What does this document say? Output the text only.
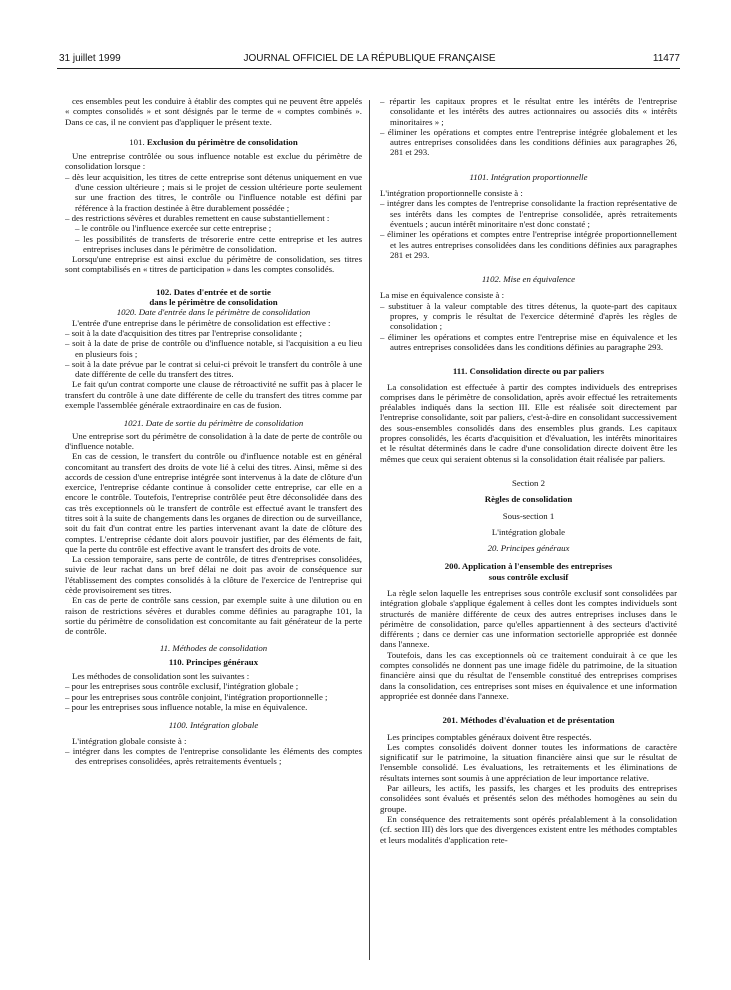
31 juillet 1999	JOURNAL OFFICIEL DE LA RÉPUBLIQUE FRANÇAISE	11477

ces ensembles peut les conduire à établir des comptes qui ne peuvent être appelés « comptes consolidés » et sont désignés par le terme de « comptes combinés ». Dans ce cas, il ne convient pas d'appliquer le présent texte.

101. Exclusion du périmètre de consolidation

Une entreprise contrôlée ou sous influence notable est exclue du périmètre de consolidation lorsque :

– dès leur acquisition, les titres de cette entreprise sont détenus uniquement en vue d'une cession ultérieure ; mais si le projet de cession ultérieure porte seulement sur une fraction des titres, le contrôle ou l'influence notable est défini par référence à la fraction destinée à être durablement possédée ;

– des restrictions sévères et durables remettent en cause substantiellement :

– le contrôle ou l'influence exercée sur cette entreprise ;

– les possibilités de transferts de trésorerie entre cette entreprise et les autres entreprises incluses dans le périmètre de consolidation.

Lorsqu'une entreprise est ainsi exclue du périmètre de consolidation, ses titres sont comptabilisés en « titres de participation » dans les comptes consolidés.

102. Dates d'entrée et de sortie

dans le périmètre de consolidation

1020. Date d'entrée dans le périmètre de consolidation

L'entrée d'une entreprise dans le périmètre de consolidation est effective :

– soit à la date d'acquisition des titres par l'entreprise consolidante ;

– soit à la date de prise de contrôle ou d'influence notable, si l'acquisition a eu lieu en plusieurs fois ;

– soit à la date prévue par le contrat si celui-ci prévoit le transfert du contrôle à une date différente de celle du transfert des titres.

Le fait qu'un contrat comporte une clause de rétroactivité ne suffit pas à placer le transfert du contrôle à une date différente de celle du transfert des titres comme par exemple l'assemblée générale extraordinaire en cas de fusion.

1021. Date de sortie du périmètre de consolidation

Une entreprise sort du périmètre de consolidation à la date de perte de contrôle ou d'influence notable.

En cas de cession, le transfert du contrôle ou d'influence notable est en général concomitant au transfert des droits de vote lié à celui des titres. Ainsi, même si des accords de cession d'une entreprise intégrée sont intervenus à la date de clôture d'un exercice, l'entreprise cédante continue à consolider cette entreprise, car elle en a encore le contrôle. Toutefois, l'entreprise contrôlée peut être déconsolidée dans des cas très exceptionnels où le transfert de contrôle est effectué avant le transfert des titres soit à la suite de changements dans les organes de direction ou de surveillance, soit du fait d'un contrat entre les parties intervenant avant la date de clôture des comptes. L'entreprise cédante doit alors pouvoir justifier, par des éléments de fait, que la perte du contrôle est effective avant le transfert des droits de vote.

La cession temporaire, sans perte de contrôle, de titres d'entreprises consolidées, suivie de leur rachat dans un bref délai ne doit pas avoir de conséquence sur l'établissement des comptes consolidés à la clôture de l'exercice de l'entreprise qui cède provisoirement ses titres.

En cas de perte de contrôle sans cession, par exemple suite à une dilution ou en raison de restrictions sévères et durables comme définies au paragraphe 101, la sortie du périmètre de consolidation est concomitante au fait générateur de la perte de contrôle.

11. Méthodes de consolidation

110. Principes généraux

Les méthodes de consolidation sont les suivantes :

– pour les entreprises sous contrôle exclusif, l'intégration globale ;

– pour les entreprises sous contrôle conjoint, l'intégration proportionnelle ;

– pour les entreprises sous influence notable, la mise en équivalence.

1100. Intégration globale

L'intégration globale consiste à :

– intégrer dans les comptes de l'entreprise consolidante les éléments des comptes des entreprises consolidées, après retraitements éventuels ;

– répartir les capitaux propres et le résultat entre les intérêts de l'entreprise consolidante et les intérêts des autres actionnaires ou associés dits « intérêts minoritaires » ;

– éliminer les opérations et comptes entre l'entreprise intégrée globalement et les autres entreprises consolidées dans les conditions définies aux paragraphes 26, 281 et 293.

1101. Intégration proportionnelle

L'intégration proportionnelle consiste à :

– intégrer dans les comptes de l'entreprise consolidante la fraction représentative de ses intérêts dans les comptes de l'entreprise consolidée, après retraitements éventuels ; aucun intérêt minoritaire n'est donc constaté ;

– éliminer les opérations et comptes entre l'entreprise intégrée proportionnellement et les autres entreprises consolidées dans les conditions définies aux paragraphes 281 et 293.

1102. Mise en équivalence

La mise en équivalence consiste à :

– substituer à la valeur comptable des titres détenus, la quote-part des capitaux propres, y compris le résultat de l'exercice déterminé d'après les règles de consolidation ;

– éliminer les opérations et comptes entre l'entreprise mise en équivalence et les autres entreprises consolidées dans les conditions définies au paragraphe 293.

111. Consolidation directe ou par paliers

La consolidation est effectuée à partir des comptes individuels des entreprises comprises dans le périmètre de consolidation, après avoir effectué les retraitements préalables indiqués dans la section III. Elle est réalisée soit directement par l'entreprise consolidante, soit par paliers, c'est-à-dire en consolidant successivement des sous-ensembles consolidés dans des ensembles plus grands. Les capitaux propres consolidés, les écarts d'acquisition et d'évaluation, les intérêts minoritaires et le résultat déterminés dans le cadre d'une consolidation directe doivent être les mêmes que ceux qui seraient obtenus si la consolidation était réalisée par paliers.

Section 2

Règles de consolidation

Sous-section 1

L'intégration globale

20. Principes généraux

200. Application à l'ensemble des entreprises

sous contrôle exclusif

La règle selon laquelle les entreprises sous contrôle exclusif sont consolidées par intégration globale s'applique également à celles dont les comptes individuels sont structurés de manière différente de ceux des autres entreprises incluses dans le périmètre de consolidation, parce qu'elles appartiennent à des secteurs d'activité différents ; dans ce dernier cas une information sectorielle appropriée est donnée dans l'annexe.

Toutefois, dans les cas exceptionnels où ce traitement conduirait à ce que les comptes consolidés ne donnent pas une image fidèle du patrimoine, de la situation financière ainsi que du résultat de l'ensemble constitué des entreprises comprises dans la consolidation, ces entreprises sont mises en équivalence et une information appropriée est donnée dans l'annexe.

201. Méthodes d'évaluation et de présentation

Les principes comptables généraux doivent être respectés.

Les comptes consolidés doivent donner toutes les informations de caractère significatif sur le patrimoine, la situation financière ainsi que sur le résultat de l'ensemble consolidé. Les évaluations, les retraitements et les éliminations de résultats internes sont soumis à une appréciation de leur importance relative.

Par ailleurs, les actifs, les passifs, les charges et les produits des entreprises consolidées sont évalués et présentés selon des méthodes homogènes au sein du groupe.

En conséquence des retraitements sont opérés préalablement à la consolidation (cf. section III) dès lors que des divergences existent entre les méthodes comptables et leurs modalités d'application rete-
